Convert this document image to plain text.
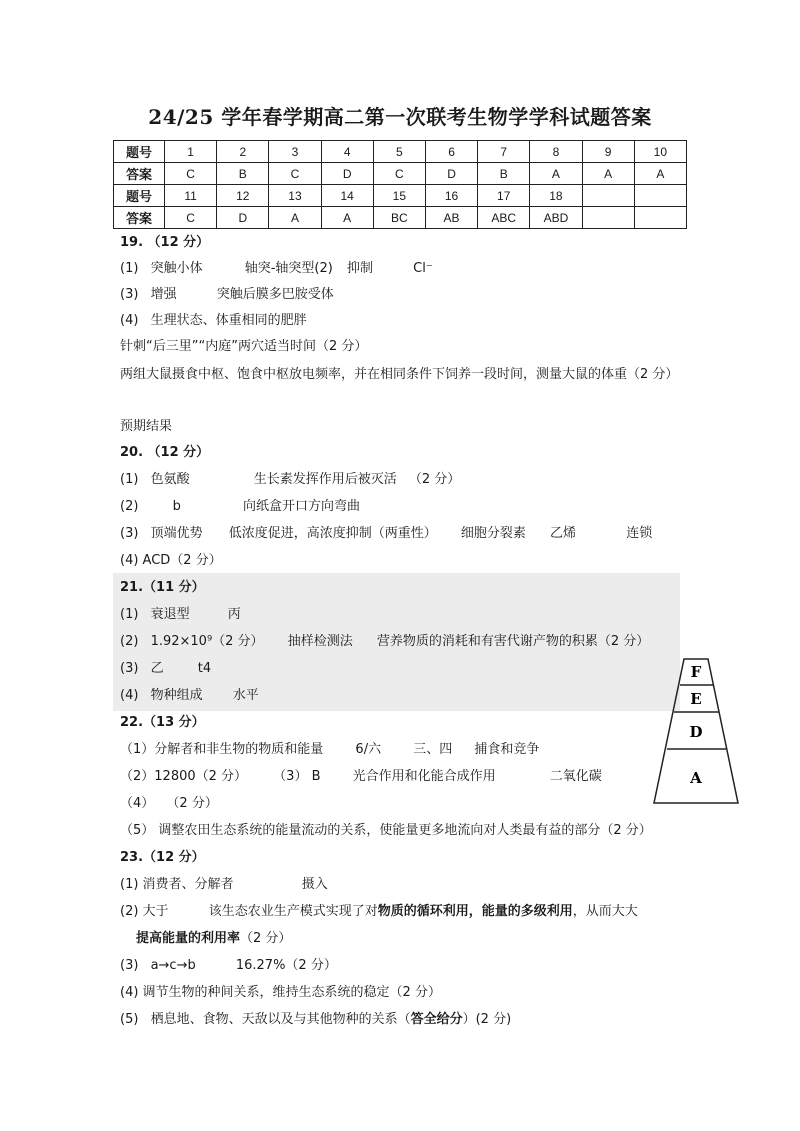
24/25 学年春学期高二第一次联考生物学学科试题答案
题号	1	2	3	4	5	6	7	8	9	10
答案	C	B	C	D	C	D	B	A	A	A
题号	11	12	13	14	15	16	17	18		
答案	C	D	A	A	BC	AB	ABC	ABD		

19. （12 分）

(1) 突触小体	轴突-轴突型(2) 抑制	Cl⁻

(3) 增强	突触后膜多巴胺受体

(4) 生理状态、体重相同的肥胖

针刺“后三里”“内庭”两穴适当时间（2 分）

两组大鼠摄食中枢、饱食中枢放电频率，并在相同条件下饲养一段时间，测量大鼠的体重（2 分）

预期结果

20. （12 分）

(1) 色氨酸	生长素发挥作用后被灭活 （2 分）

(2)	b	向纸盒开口方向弯曲

(3) 顶端优势 低浓度促进，高浓度抑制（两重性） 细胞分裂素 乙烯	连锁

(4) ACD（2 分）

21.（11 分）

(1) 衰退型	丙

(2) 1.92×10⁹（2 分） 抽样检测法 营养物质的消耗和有害代谢产物的积累（2 分）

(3) 乙	t4

(4) 物种组成 水平

22.（13 分）

（1）分解者和非生物的物质和能量 6/六 三、四 捕食和竞争

（2）12800（2 分） （3） B 光合作用和化能合成作用	二氧化碳

（4） （2 分）

（5） 调整农田生态系统的能量流动的关系，使能量更多地流向对人类最有益的部分（2 分）

F
E
D
A

23.（12 分）

(1) 消费者、分解者	摄入

(2) 大于	该生态农业生产模式实现了对物质的循环利用，能量的多级利用，从而大大

提高能量的利用率（2 分）

(3) a→c→b	16.27%（2 分）

(4) 调节生物的种间关系，维持生态系统的稳定（2 分）

(5) 栖息地、食物、天敌以及与其他物种的关系（答全给分）(2 分)
